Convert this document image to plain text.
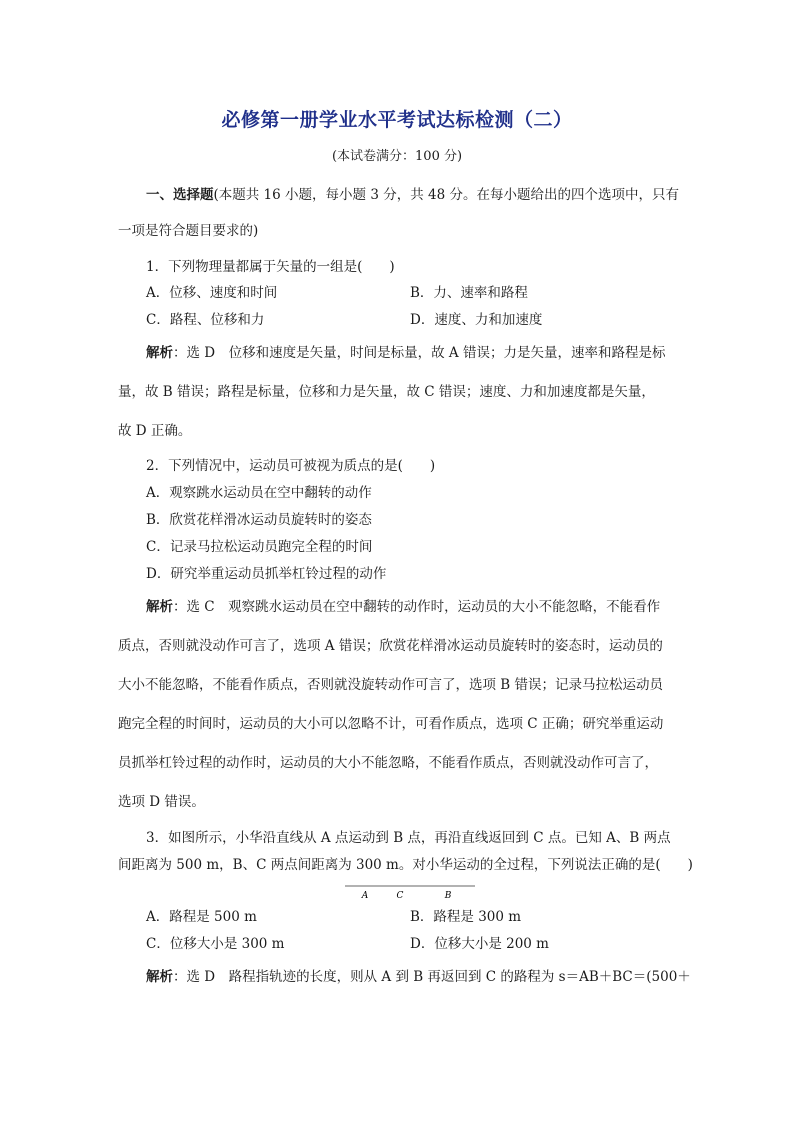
必修第一册学业水平考试达标检测（二）
(本试卷满分：100 分)
一、选择题(本题共 16 小题，每小题 3 分，共 48 分。在每小题给出的四个选项中，只有
一项是符合题目要求的)
1．下列物理量都属于矢量的一组是(　　)
A．位移、速度和时间	B．力、速率和路程
C．路程、位移和力	D．速度、力和加速度
解析：选 D　位移和速度是矢量，时间是标量，故 A 错误；力是矢量，速率和路程是标
量，故 B 错误；路程是标量，位移和力是矢量，故 C 错误；速度、力和加速度都是矢量，
故 D 正确。
2．下列情况中，运动员可被视为质点的是(　　)
A．观察跳水运动员在空中翻转的动作
B．欣赏花样滑冰运动员旋转时的姿态
C．记录马拉松运动员跑完全程的时间
D．研究举重运动员抓举杠铃过程的动作
解析：选 C　观察跳水运动员在空中翻转的动作时，运动员的大小不能忽略，不能看作
质点，否则就没动作可言了，选项 A 错误；欣赏花样滑冰运动员旋转时的姿态时，运动员的
大小不能忽略，不能看作质点，否则就没旋转动作可言了，选项 B 错误；记录马拉松运动员
跑完全程的时间时，运动员的大小可以忽略不计，可看作质点，选项 C 正确；研究举重运动
员抓举杠铃过程的动作时，运动员的大小不能忽略，不能看作质点，否则就没动作可言了，
选项 D 错误。
3．如图所示，小华沿直线从 A 点运动到 B 点，再沿直线返回到 C 点。已知 A、B 两点
间距离为 500 m，B、C 两点间距离为 300 m。对小华运动的全过程，下列说法正确的是(　　)
A	C	B
A．路程是 500 m	B．路程是 300 m
C．位移大小是 300 m	D．位移大小是 200 m
解析：选 D　路程指轨迹的长度，则从 A 到 B 再返回到 C 的路程为 s＝AB＋BC＝(500＋
